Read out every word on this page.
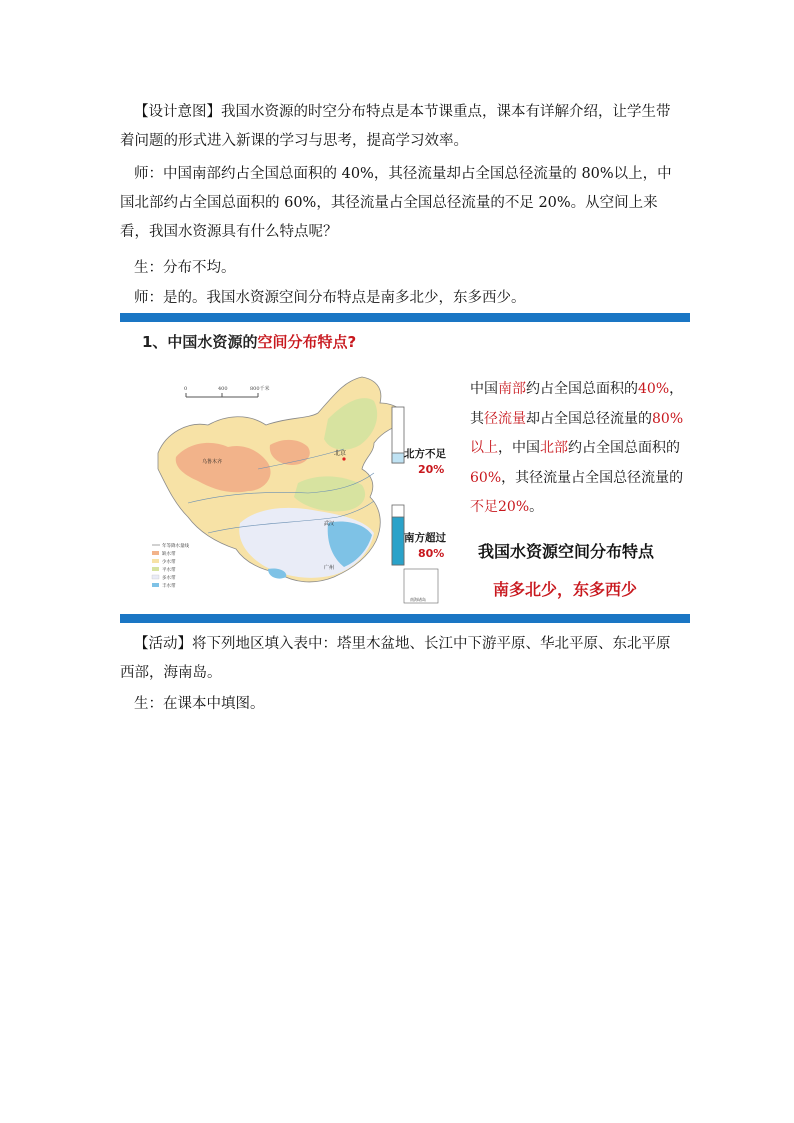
【设计意图】我国水资源的时空分布特点是本节课重点，课本有详解介绍，让学生带着问题的形式进入新课的学习与思考，提高学习效率。
师：中国南部约占全国总面积的 40%，其径流量却占全国总径流量的 80%以上，中国北部约占全国总面积的 60%，其径流量占全国总径流量的不足 20%。从空间上来看，我国水资源具有什么特点呢？
生：分布不均。
师：是的。我国水资源空间分布特点是南多北少，东多西少。
1、中国水资源的空间分布特点?
0	400	800千米
北京
乌鲁木齐
武汉
广州
北方不足
20%
南方超过
80%
年等降水量线
缺水带
少水带
平水带
多水带
丰水带
南海诸岛
中国南部约占全国总面积的40%，其径流量却占全国总径流量的80%以上，中国北部约占全国总面积的60%，其径流量占全国总径流量的不足20%。
我国水资源空间分布特点
南多北少，东多西少
【活动】将下列地区填入表中：塔里木盆地、长江中下游平原、华北平原、东北平原西部，海南岛。
生：在课本中填图。
